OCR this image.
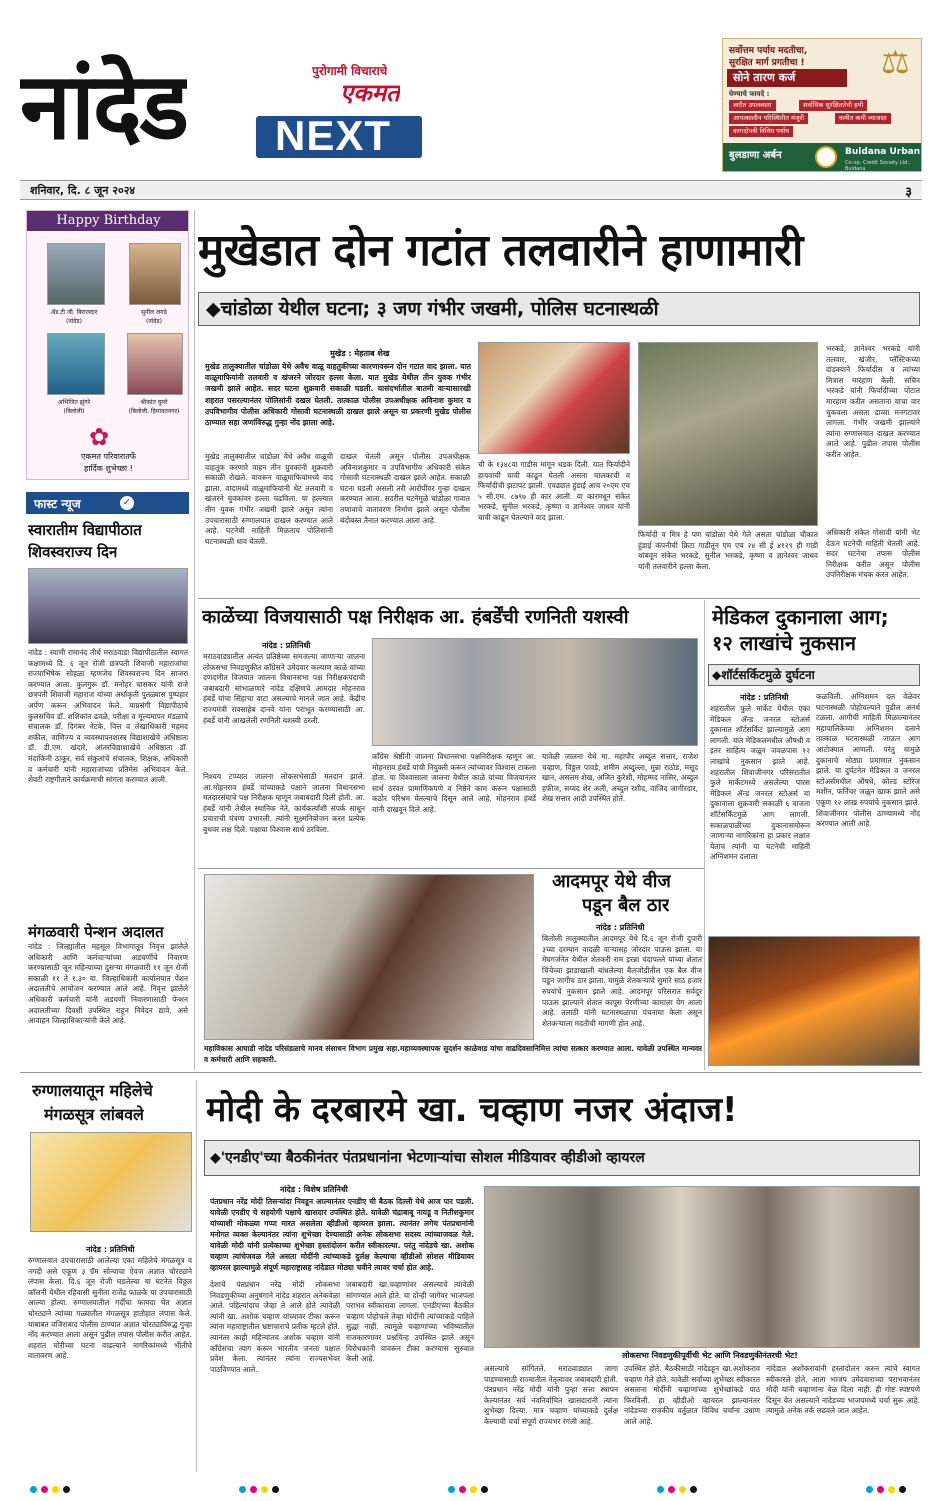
नांदेड	पुरोगामी विचाराचे
एकमत
NEXT
सर्वोत्तम पर्याय मदतीचा,
सुरक्षित मार्ग प्रगतीचा ! ⚖
सोने तारण कर्ज
घेण्याचे फायदे :
त्वरीत उपलब्धता	सर्वाधिक सुरक्षिततेची हमी
आपत्कालीन परिस्थितीत मंजुरी	कमीत कमी व्याजदर
कागदोपत्री विविध पर्याय
बुलडाणा अर्बन	Buldana Urban
Co-op. Credit Society Ltd., Buldana
शनिवार, दि. ८ जून २०२४	३
Happy Birthday
ॲड.टी.जी. बिराजदार
(नांदेड)
सुनील लगडे
(नांदेड)
अभिजित झुंगरे
(बिलोली)
श्रीकांत घुमरे
(बिलोली, हिमायतनगर)
✿
एकमत परिवारातर्फे
हार्दिक शुभेच्छा !
मुखेडात दोन गटांत तलवारीने हाणामारी
◆चांडोळा येथील घटना; ३ जण गंभीर जखमी, पोलिस घटनास्थळी
मुखेड : मेहताब शेख
मुखेड तालुक्यातील चांडोळा येथे अवैध वाळू वाहतुकीच्या कारणावरून दोन गटात वाद झाला. यात वाळूमाफियांनी तलवारी व खंजरने जोरदार हल्ला केला. यात मुखेड येथील तीन युवक गंभीर जखमी झाले आहेत. सदर घटना शुक्रवारी सकाळी घडली. यासंदर्भातील बातमी वाऱ्यासारखी शहरात पसरल्यानंतर पोलिसांनी दखल घेतली. तात्काळ पोलीस उपअधीक्षक अविनाश कुमार व उपविभागीय पोलीस अधिकारी गोसावी घटनास्थळी दाखल झाले असून या प्रकरणी मुखेड पोलीस ठाण्यात सहा जणांविरुद्ध गुन्हा नोंद झाला आहे.
मुखेड तालुक्यातील चांडोळा येथे अवैध वाळूची वाहतूक करणारे वाहन तीन युवकांनी शुक्रवारी सकाळी रोखले. यावरून वाळूमाफियांमध्ये वाद झाला. वादामध्ये वाळूमाफियांनी थेट तलवारी व खंजरने युवकांवर हल्ला चढविला. या हल्ल्यात तीन युवक गंभीर जखमी झाले असून त्यांना उपचारासाठी रुग्णालयात दाखल करण्यात आले आहे. घटनेची माहिती मिळताच पोलिसांनी घटनास्थळी धाव घेतली.
दाखल घेतली असून पोलीस उपअधीक्षक अविनाशकुमार व उपविभागीय अधिकारी संकेत गोसावी घटनास्थळी दाखल झाले आहेत. सकाळी घटना घडली असली तरी आरोपींवर गुन्हा दाखल करण्यात आला. सदरील घटनेमुळे चांडोळा गावात तणावाचे वातावरण निर्माण झाले असून पोलीस बंदोबस्त तैनात करण्यात आला आहे.
ची के १३४८या गाडीस मागून धडक दिली. यात फिर्यादीने हायवाची चावी काढून घेतली असता चालकाची व फिर्यादीची झटापट झाली. एवढ्यात हुंडाई आय २०एम एच ५ सी.एम. ८७९७ ही कार आली. या कारमधून संकेत भरकडे, सुनील भरकडे, कृष्णा व ज्ञानेश्वर जाधव यांनी चावी काढून घेतल्याने वाद झाला.
फिर्यादी व मित्र हे पण चांडोळा येथे गेले असता चांडोळा चौकात हुंडाई कंपनीची क्रिटा गाडीतून एम एच २४ सी ई ४१२९ ही गाडी थांबवून संकेत भरकडे, सुनील भरकडे, कृष्णा व ज्ञानेश्वर जाधव यांनी तलवारीने हल्ला केला.
भरकडे, ज्ञानेश्वर भरकडे यांनी तलवार, खंजीर, प्लॅस्टिकच्या दांडक्याने फिर्यादीस व त्यांच्या मित्रास मारहाण केली. सचिन भरकडे यांनी फिर्यादीच्या पोटात मारहाण करीत असताना याचा वार चुकवला असता डाव्या मनगटावर लागला. गंभीर जखमी झाल्याने त्यांना रुग्णालयात दाखल करण्यात आले आहे. पुढील तपास पोलीस करीत आहेत.
अधिकारी संकेत गोसावी यांनी भेट देऊन घटनेची माहिती घेतली आहे. सदर घटनेचा तपास पोलीस निरीक्षक करीत असून पोलीस उपनिरीक्षक मंचक करत आहेत.
फास्ट न्यूज	✓
स्वारातीम विद्यापीठात
शिवस्वराज्य दिन
नांदेड : स्वामी रामानंद तीर्थ मराठवाडा विद्यापीठातील स्वागत कक्षामध्ये दि. ६ जून रोजी छत्रपती शिवाजी महाराजांचा राज्याभिषेक सोहळा म्हणजेच शिवस्वराज्य दिन साजरा करण्यात आला. कुलगुरू डॉ. मनोहर चासकर यांनी राजे छत्रपती शिवाजी महाराज यांच्या अर्धाकृती पुतळ्यास पुष्पहार अर्पण करून अभिवादन केले. याप्रसंगी विद्यापीठाचे कुलसचिव डॉ. शशिकांत ढवळे, परीक्षा व मूल्यमापन मंडळाचे संचालक डॉ. दिगंबर नेटके, वित्त व लेखाधिकारी महमद शकील, वाणिज्य व व्यवस्थापनशास्त्र विद्याशाखेचे अधिष्ठाता डॉ. डी.एम. खंदारे, आंतरविद्याशाखेचे अधिष्ठाता डॉ. मंदाकिनी ठाकूर, सर्व संकुलांचे संचालक, शिक्षक, अधिकारी व कर्मचारी यांनी महाराजांच्या प्रतिमेस अभिवादन केले. शेवटी राष्ट्रगीताने कार्यक्रमाची सांगता करण्यात आली.
मंगळवारी पेन्शन अदालत
नांदेड : जिल्ह्यातील महसूल विभागातून निवृत्त झालेले अधिकारी आणि कर्मचाऱ्यांच्या अडचणींचे निवारण करण्यासाठी जून महिन्याच्या दुसऱ्या मंगळवारी ११ जून रोजी सकाळी ११ ते १.३० वा. जिल्हाधिकारी कार्यालयात पेंशन अदालतीचे आयोजन करण्यात आले आहे. निवृत्त झालेले अधिकारी कर्मचारी यांनी अडचणी निवारणासाठी पेन्शन अदालतीच्या दिवशी उपस्थित राहून निवेदन द्यावे, असे आवाहन जिल्हाधिकाऱ्यांनी केले आहे.
काळेंच्या विजयासाठी पक्ष निरीक्षक आ. हंबर्डेंची रणनिती यशस्वी
नांदेड : प्रतिनिधी
मराठवाड्यातील अत्यंत प्रतिष्ठेच्या समजल्या जाणाऱ्या जालना लोकसभा निवडणुकीत काँग्रेसने उमेदवार कल्याण काळे यांच्या दणदणीत विजयात जालना विधानसभा पक्ष निरीक्षकपदाची जबाबदारी सांभाळणारे नांदेड दक्षिणचे आमदार मोहनराव हंबर्डे यांचा सिंहाचा वाटा असल्याचे मानले जात आहे. केंद्रीय राज्यमंत्री रावसाहेब दानवे यांना पराभूत करण्यासाठी आ. हंबर्डे यांनी आखलेली रणनिती यशस्वी ठरली.
निश्चय टप्प्यात जालना लोकसभेसाठी मतदान झाले. आ.मोहनराव हंबर्डे यांच्याकडे पक्षाने जालना विधानसभा मतदारसंघाचे पक्ष निरीक्षक म्हणून जबाबदारी दिली होती. आ. हंबर्डे यांनी तेथील स्थानिक नेते, कार्यकर्त्यांशी संपर्क साधून प्रचाराची यंत्रणा उभारली. त्यांनी सूक्ष्मनियोजन करत प्रत्येक बुथवर लक्ष दिले. पक्षाचा विश्वास सार्थ ठरविला.
काँग्रेस श्रेष्ठींनी जालना विधानसभा पक्षनिरीक्षक म्हणून आ. मोहनराव हंबर्डे यांची नियुक्ती करून त्यांच्यावर विश्वास टाकला होता. या विश्वासाला जालना येथील काळे यांच्या विजयानंतर सार्थ ठरवत प्रामाणिकपणे व निष्ठेने काम करून पक्षासाठी कठोर परिश्रम घेतल्याचे दिसून आले आहे. मोहनराव हंबर्डे यांनी दाखवून दिले आहे.
यावेळी जालना येथे मा. महापौर अब्दुल सत्तार, राजेश चव्हाण, विठ्ठल पावडे, शमीम अब्दुल्ला, मुन्ना राठोड, मसूद खान, असलम शेख, अजित कुरेशी, मोहम्मद नासिर, अब्दुल हफीज, सय्यद शेर अली, अब्दुल रशीद, वाजिद जागीरदार, शेख सत्तार आदी उपस्थित होते.
महाविकास आघाडी नांदेड परिसंडळाचे मानव संसाधन विभाग प्रमुख सहा.महाव्यवस्थापक सुदर्शन काळेवाड यांचा वाढदिवसानिमित्त त्यांचा सत्कार करण्यात आला. यावेळी उपस्थित मान्यवर व कर्मचारी आणि सहकारी.
आदमपूर येथे वीज
पडून बैल ठार
नांदेड : प्रतिनिधी
बिलोली तालुक्यातील आदमपूर येथे दि.६ जून रोजी दुपारी ३च्या दरम्यान वादळी वाऱ्यासह जोरदार पाऊस झाला. या मेघगर्जनेत येथील शेतकरी राम इरन्ना चंदापल्ले यांच्या शेतात चिंचेच्या झाडाखाली बांधलेल्या बैलजोडीतील एक बैल वीज पडून जागीच ठार झाला. यामुळे शेतकऱ्याचे सुमारे साठ हजार रुपयांचे नुकसान झाले आहे. आदमपूर परिसरात सर्वदूर पाऊस झाल्याने शेतात कापूस पेरणीच्या कामाला वेग आला आहे. तलाठी यांनी घटनास्थळाचा पंचनामा केला असून शेतकऱ्याला मदतीची मागणी होत आहे.
मेडिकल दुकानाला आग;
१२ लाखांचे नुकसान
◆शॉर्टसर्किटमुळे दुर्घटना
नांदेड : प्रतिनिधी
शहरातील फुले मार्केट येथील एका मेडिकल ॲन्ड जनरल स्टोअर्स दुकानात शॉर्टसर्किट झाल्यामुळे आग लागली. यात मेडिकलमधील औषधी व इतर साहित्य जळून जवळपास १२ लाखांचे नुकसान झाले आहे. शहरातील शिवाजीनगर परिसरातील फुले मार्केटमध्ये असलेल्या पारस मेडिकल ॲन्ड जनरल स्टोअर्स या दुकानाला शुक्रवारी सकाळी ६ वाजता शॉर्टसर्किटमुळे आग लागली. सकाळपाळीच्या दुकानासमोरून जाणाऱ्या नागरिकांना हा प्रकार लक्षात येताच त्यांनी या घटनेची माहिती अग्निशमन दलाला
कळविली. अग्निशमन दल वेळेवर घटनास्थळी पोहोचल्याने पुढील अनर्थ टळला. आगीची माहिती मिळाल्यानंतर महापालिकेच्या अग्निशमन दलाने तात्काळ घटनास्थळी जाऊन आग आटोक्यात आणली. परंतु यामुळे दुकानाचे मोठ्या प्रमाणात नुकसान झाले. या दुर्घटनेत मेडिकल व जनरल स्टोअर्समधील औषधे, कोल्ड स्टोरेज मशीन, फर्निचर जळून खाक झाले असे एकूण १२ लाख रुपयांचे नुकसान झाले. शिवाजीनगर पोलीस ठाण्यामध्ये नोंद करण्यात आली आहे.
रुग्णालयातून महिलेचे
मंगळसूत्र लांबवले
नांदेड : प्रतिनिधी
रुग्णालयात उपचारासाठी आलेल्या एका महिलेचे मंगळसूत्र व नगदी असे एकूण ३ ग्रॅम सोन्याचा ऐवज अज्ञात चोरट्याने लंपास केला. दि.६ जून रोजी घडलेल्या या घटनेत विठ्ठल कॉलनी येथील रहिवासी सुनीता राजेंद्र फाळके या उपचारासाठी आल्या होत्या. रुग्णालयातील गर्दीचा फायदा घेत अज्ञात चोरट्याने त्यांच्या गळ्यातील मंगळसूत्र हातोहात लंपास केले. याबाबत वजिराबाद पोलीस ठाण्यात अज्ञात चोरट्याविरुद्ध गुन्हा नोंद करण्यात आला असून पुढील तपास पोलीस करीत आहेत. शहरात चोरीच्या घटना वाढल्याने नागरिकांमध्ये भीतीचे वातावरण आहे.
मोदी के दरबारमे खा. चव्हाण नजर अंदाज!
◆'एनडीए'च्या बैठकीनंतर पंतप्रधानांना भेटणाऱ्यांचा सोशल मीडियावर व्हीडीओ व्हायरल
नांदेड : विशेष प्रतिनिधी
पंतप्रधान नरेंद्र मोदी तिसऱ्यांदा निवडून आल्यानंतर एनडीए ची बैठक दिल्ली येथे आज पार पडली. यावेळी एनडीए चे सहयोगी पक्षाचे खासदार उपस्थित होते. यावेळी चंद्राबाबू नायडू व नितीशकुमार यांच्याशी मोकळ्या गप्पा मारत असलेला व्हीडीओ व्हायरल झाला. त्यानंतर लगेच पंतप्रधानांनी मनोगत व्यक्त केल्यानंतर त्यांना शुभेच्छा देण्यासाठी अनेक लोकसभा सदस्य त्यांच्याजवळ गेले. यावेळी मोदी यांनी प्रत्येकाच्या शुभेच्छा हस्तांदोलन करीत स्वीकारल्या. परंतु नांदेडचे खा. अशोक चव्हाण त्यांचेजवळ गेले असता मोदींनी त्यांच्याकडे दुर्लक्ष केल्याचा व्हीडीओ सोशल मीडियावर व्हायरल झाल्यामुळे संपूर्ण महाराष्ट्रासह नांदेडात मोठ्या चवीने त्यावर चर्चा होत आहे.
लोकसभा निवडणुकीपूर्वीची भेट आणि निवडणुकीनंतरची भेट!
देशाचे पंतप्रधान नरेंद्र मोदी लोकसभा निवडणुकीच्या अनुषंगाने नांदेड शहरात अनेकवेळा आले. पहिल्यांदाच जेव्हा ते आले होते त्यावेळी त्यांनी खा. अशोक चव्हाण यांच्यावर टीका करून त्यांना महाराष्ट्रातील भ्रष्टाचाराचे प्रतीक म्हटले होते. त्यानंतर काही महिन्यांतच अशोक चव्हाण यांनी काँग्रेसचा त्याग करून भारतीय जनता पक्षात प्रवेश केला. त्यानंतर त्यांना राज्यसभेवर पाठविण्यात आले.
जबाबदारी खा.चव्हाणांवर असल्याचे त्यावेळी सांगण्यात आले होते. या दोन्ही जागेवर भाजपला पराभव स्वीकारावा लागला. एनडीएच्या बैठकीत चव्हाण पोहोचले तेव्हा मोदींनी त्यांच्याकडे पाहिले सुद्धा नाही. त्यामुळे चव्हाणांच्या भविष्यातील राजकारणावर प्रश्नचिन्ह उपस्थित झाले असून विरोधकांनी यावरून टीका करण्यास सुरुवात केली आहे.
असल्याचे सांगितले. मराठवाड्यात जागा पाडण्यासाठी राज्यातील नेतृत्वावर जबाबदारी होती. पंतप्रधान नरेंद्र मोदी यांनी पुन्हा सत्ता स्थापन केल्यानंतर सर्व नवनिर्वाचित खासदारांनी त्यांना शुभेच्छा दिल्या. मात्र चव्हाण यांच्याकडे दुर्लक्ष केल्याची चर्चा संपूर्ण राज्यभर रंगली आहे.
उपस्थित होते. बैठकीसाठी नांदेडहून खा.अशोकराव चव्हाण गेले होते. यावेळी सर्वांच्या शुभेच्छा स्वीकारत असताना मोदींनी चव्हाणांच्या शुभेच्छांकडे पाठ फिरविली. हा व्हीडीओ व्हायरल झाल्यानंतर नांदेडच्या राजकीय वर्तुळात विविध चर्चांना उधाण आले आहे.
नांदेडात अशोकरावांनी हस्तांदोलन करुन त्यांचे स्वागत स्वीकारले होते. आता भाजप उमेदवाराच्या पराभवानंतर मोदी यांनी चव्हाणांना वेळ दिला नाही. ही गोष्ट स्पष्टपणे दिसून येत असल्याने नांदेडच्या भाजपमध्ये चर्चा सुरू आहे. त्यामुळे अनेक तर्क लढवले जात आहेत.
